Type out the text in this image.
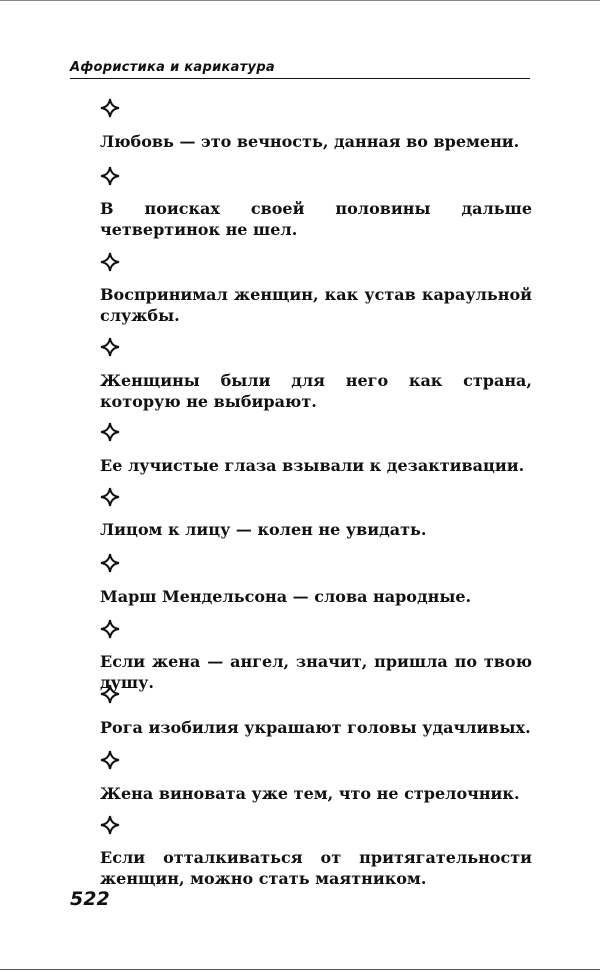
Афористика и карикатура
Любовь — это вечность, данная во времени.
В поисках своей половины дальше четвертинок не шел.
Воспринимал женщин, как устав караульной службы.
Женщины были для него как страна, которую не выбирают.
Ее лучистые глаза взывали к дезактивации.
Лицом к лицу — колен не увидать.
Марш Мендельсона — слова народные.
Если жена — ангел, значит, пришла по твою душу.
Рога изобилия украшают головы удачливых.
Жена виновата уже тем, что не стрелочник.
Если отталкиваться от притягательности женщин, можно стать маятником.
522
